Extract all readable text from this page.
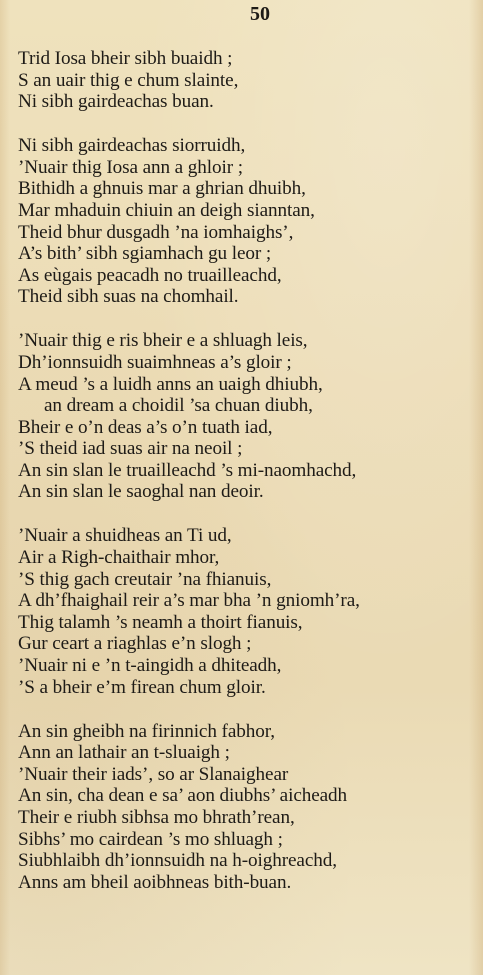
50
Trid Iosa bheir sibh buaidh ;
S an uair thig e chum slainte,
Ni sibh gairdeachas buan.
Ni sibh gairdeachas siorruidh,
’Nuair thig Iosa ann a ghloir ;
Bithidh a ghnuis mar a ghrian dhuibh,
Mar mhaduin chiuin an deigh sianntan,
Theid bhur dusgadh ’na iomhaighs’,
A’s bith’ sibh sgiamhach gu leor ;
As eùgais peacadh no truailleachd,
Theid sibh suas na chomhail.
’Nuair thig e ris bheir e a shluagh leis,
Dh’ionnsuidh suaimhneas a’s gloir ;
A meud ’s a luidh anns an uaigh dhiubh,
an dream a choidil ’sa chuan diubh,
Bheir e o’n deas a’s o’n tuath iad,
’S theid iad suas air na neoil ;
An sin slan le truailleachd ’s mi-naomhachd,
An sin slan le saoghal nan deoir.
’Nuair a shuidheas an Ti ud,
Air a Righ-chaithair mhor,
’S thig gach creutair ’na fhianuis,
A dh’fhaighail reir a’s mar bha ’n gniomh’ra,
Thig talamh ’s neamh a thoirt fianuis,
Gur ceart a riaghlas e’n slogh ;
’Nuair ni e ’n t-aingidh a dhiteadh,
’S a bheir e’m firean chum gloir.
An sin gheibh na firinnich fabhor,
Ann an lathair an t-sluaigh ;
’Nuair their iads’, so ar Slanaighear
An sin, cha dean e sa’ aon diubhs’ aicheadh
Their e riubh sibhsa mo bhrath’rean,
Sibhs’ mo cairdean ’s mo shluagh ;
Siubhlaibh dh’ionnsuidh na h-oighreachd,
Anns am bheil aoibhneas bith-buan.
